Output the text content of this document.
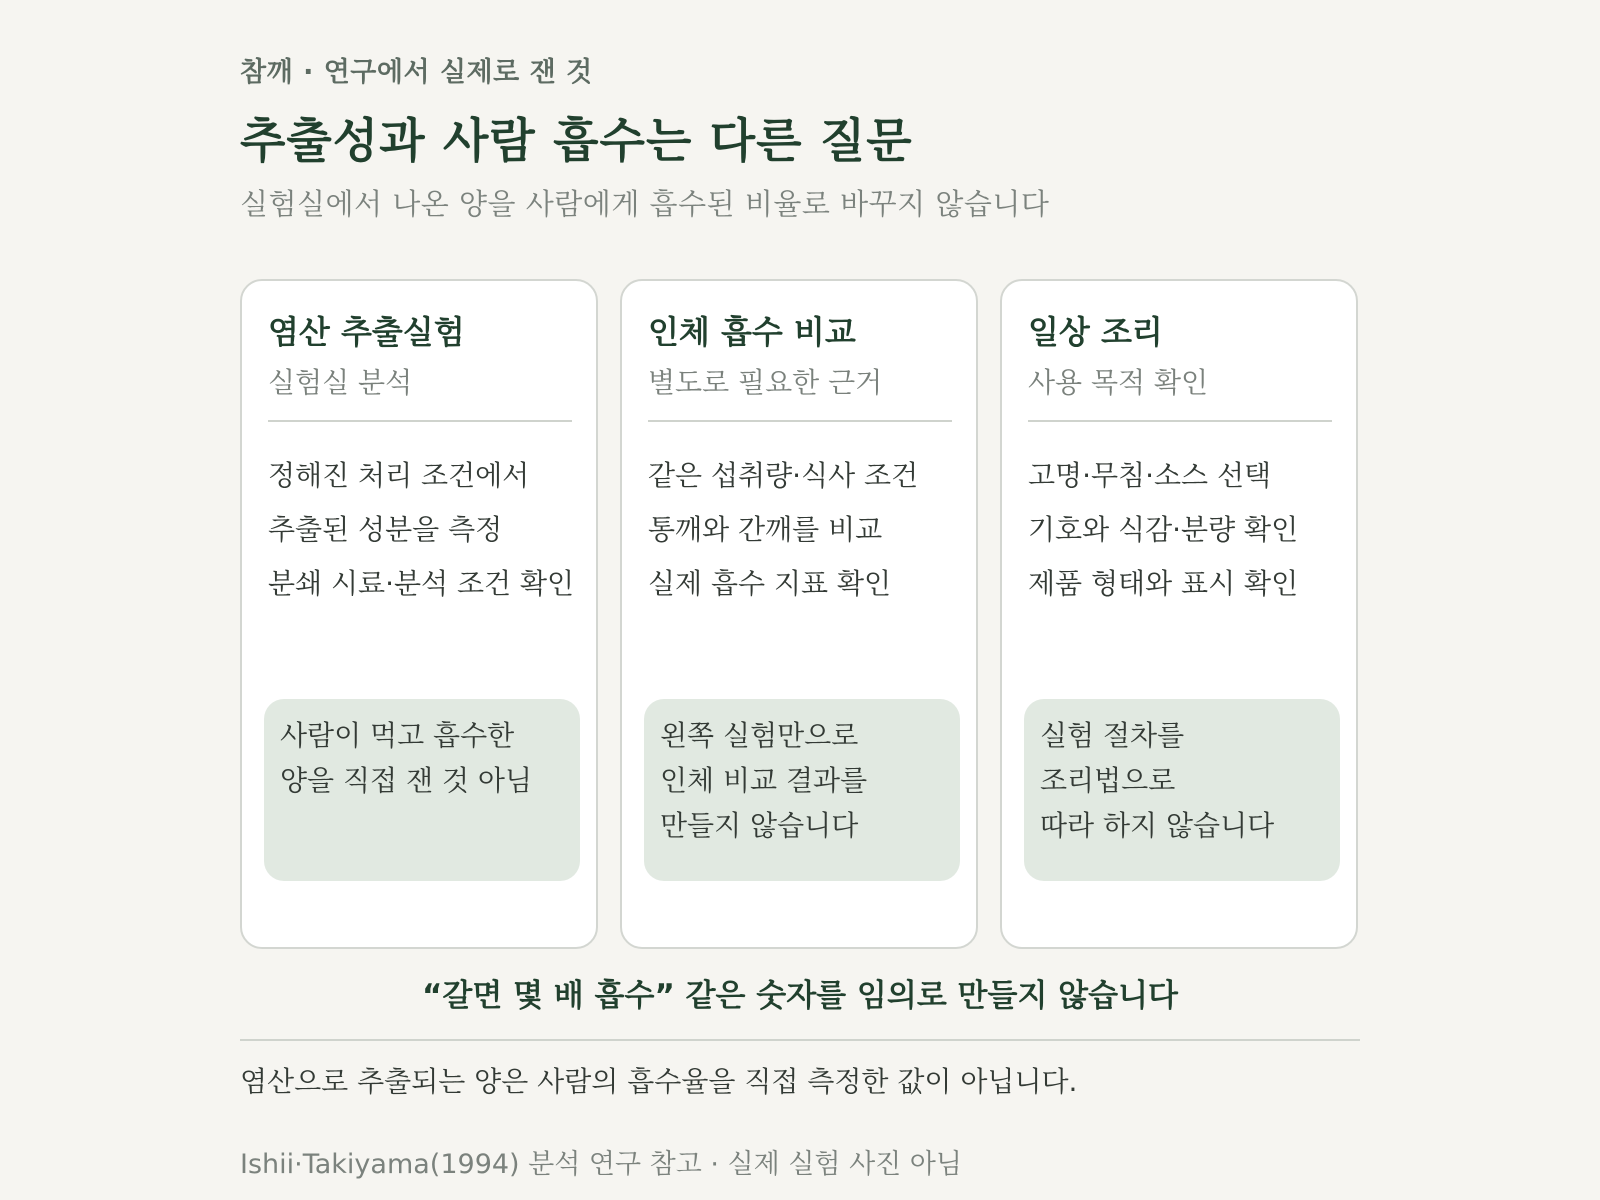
참깨 · 연구에서 실제로 잰 것
추출성과 사람 흡수는 다른 질문
실험실에서 나온 양을 사람에게 흡수된 비율로 바꾸지 않습니다
염산 추출실험
실험실 분석
정해진 처리 조건에서
추출된 성분을 측정
분쇄 시료·분석 조건 확인
사람이 먹고 흡수한
양을 직접 잰 것 아님
인체 흡수 비교
별도로 필요한 근거
같은 섭취량·식사 조건
통깨와 간깨를 비교
실제 흡수 지표 확인
왼쪽 실험만으로
인체 비교 결과를
만들지 않습니다
일상 조리
사용 목적 확인
고명·무침·소스 선택
기호와 식감·분량 확인
제품 형태와 표시 확인
실험 절차를
조리법으로
따라 하지 않습니다
“갈면 몇 배 흡수” 같은 숫자를 임의로 만들지 않습니다
염산으로 추출되는 양은 사람의 흡수율을 직접 측정한 값이 아닙니다.
Ishii·Takiyama(1994) 분석 연구 참고 · 실제 실험 사진 아님
